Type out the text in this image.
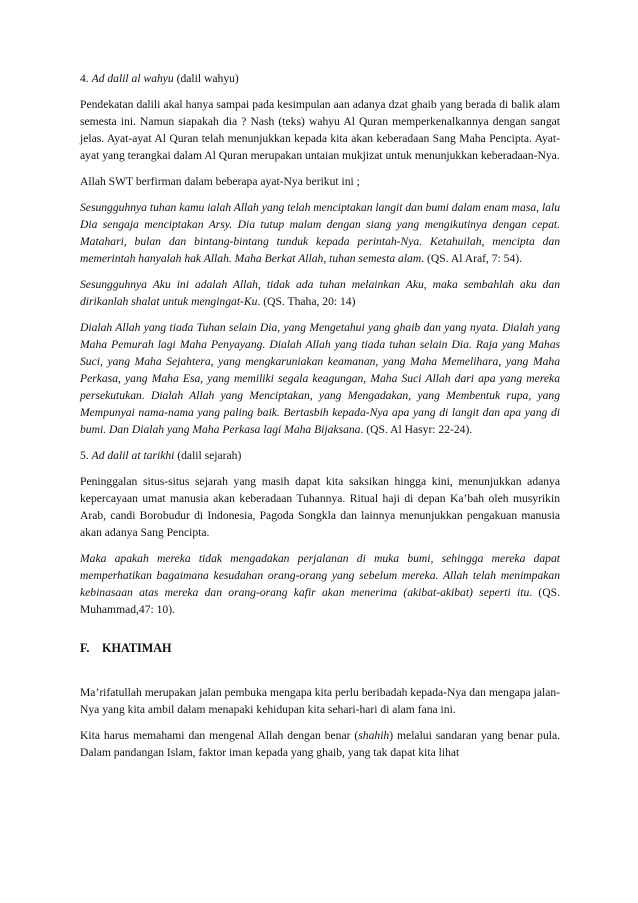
4. Ad dalil al wahyu (dalil wahyu)

Pendekatan dalili akal hanya sampai pada kesimpulan aan adanya dzat ghaib yang berada di balik alam semesta ini. Namun siapakah dia ? Nash (teks) wahyu Al Quran memperkenalkannya dengan sangat jelas. Ayat-ayat Al Quran telah menunjukkan kepada kita akan keberadaan Sang Maha Pencipta. Ayat-ayat yang terangkai dalam Al Quran merupakan untaian mukjizat untuk menunjukkan keberadaan-Nya.

Allah SWT berfirman dalam beberapa ayat-Nya berikut ini ;

Sesungguhnya tuhan kamu ialah Allah yang telah menciptakan langit dan bumi dalam enam masa, lalu Dia sengaja menciptakan Arsy. Dia tutup malam dengan siang yang mengikutinya dengan cepat. Matahari, bulan dan bintang-bintang tunduk kepada perintah-Nya. Ketahuilah, mencipta dan memerintah hanyalah hak Allah. Maha Berkat Allah, tuhan semesta alam. (QS. Al Araf, 7: 54).

Sesungguhnya Aku ini adalah Allah, tidak ada tuhan melainkan Aku, maka sembahlah aku dan dirikanlah shalat untuk mengingat-Ku. (QS. Thaha, 20: 14)

Dialah Allah yang tiada Tuhan selain Dia, yang Mengetahui yang ghaib dan yang nyata. Dialah yang Maha Pemurah lagi Maha Penyayang. Dialah Allah yang tiada tuhan selain Dia. Raja yang Mahas Suci, yang Maha Sejahtera, yang mengkaruniakan keamanan, yang Maha Memelihara, yang Maha Perkasa, yang Maha Esa, yang memiliki segala keagungan, Maha Suci Allah dari apa yang mereka persekutukan. Dialah Allah yang Menciptakan, yang Mengadakan, yang Membentuk rupa, yang Mempunyai nama-nama yang paling baik. Bertasbih kepada-Nya apa yang di langit dan apa yang di bumi. Dan Dialah yang Maha Perkasa lagi Maha Bijaksana. (QS. Al Hasyr: 22-24).

5. Ad dalil at tarikhi (dalil sejarah)

Peninggalan situs-situs sejarah yang masih dapat kita saksikan hingga kini, menunjukkan adanya kepercayaan umat manusia akan keberadaan Tuhannya. Ritual haji di depan Ka’bah oleh musyrikin Arab, candi Borobudur di Indonesia, Pagoda Songkla dan lainnya menunjukkan pengakuan manusia akan adanya Sang Pencipta.

Maka apakah mereka tidak mengadakan perjalanan di muka bumi, sehingga mereka dapat memperhatikan bagaimana kesudahan orang-orang yang sebelum mereka. Allah telah menimpakan kebinasaan atas mereka dan orang-orang kafir akan menerima (akibat-akibat) seperti itu. (QS. Muhammad,47: 10).

F. KHATIMAH

Ma’rifatullah merupakan jalan pembuka mengapa kita perlu beribadah kepada-Nya dan mengapa jalan-Nya yang kita ambil dalam menapaki kehidupan kita sehari-hari di alam fana ini.

Kita harus memahami dan mengenal Allah dengan benar (shahih) melalui sandaran yang benar pula. Dalam pandangan Islam, faktor iman kepada yang ghaib, yang tak dapat kita lihat
